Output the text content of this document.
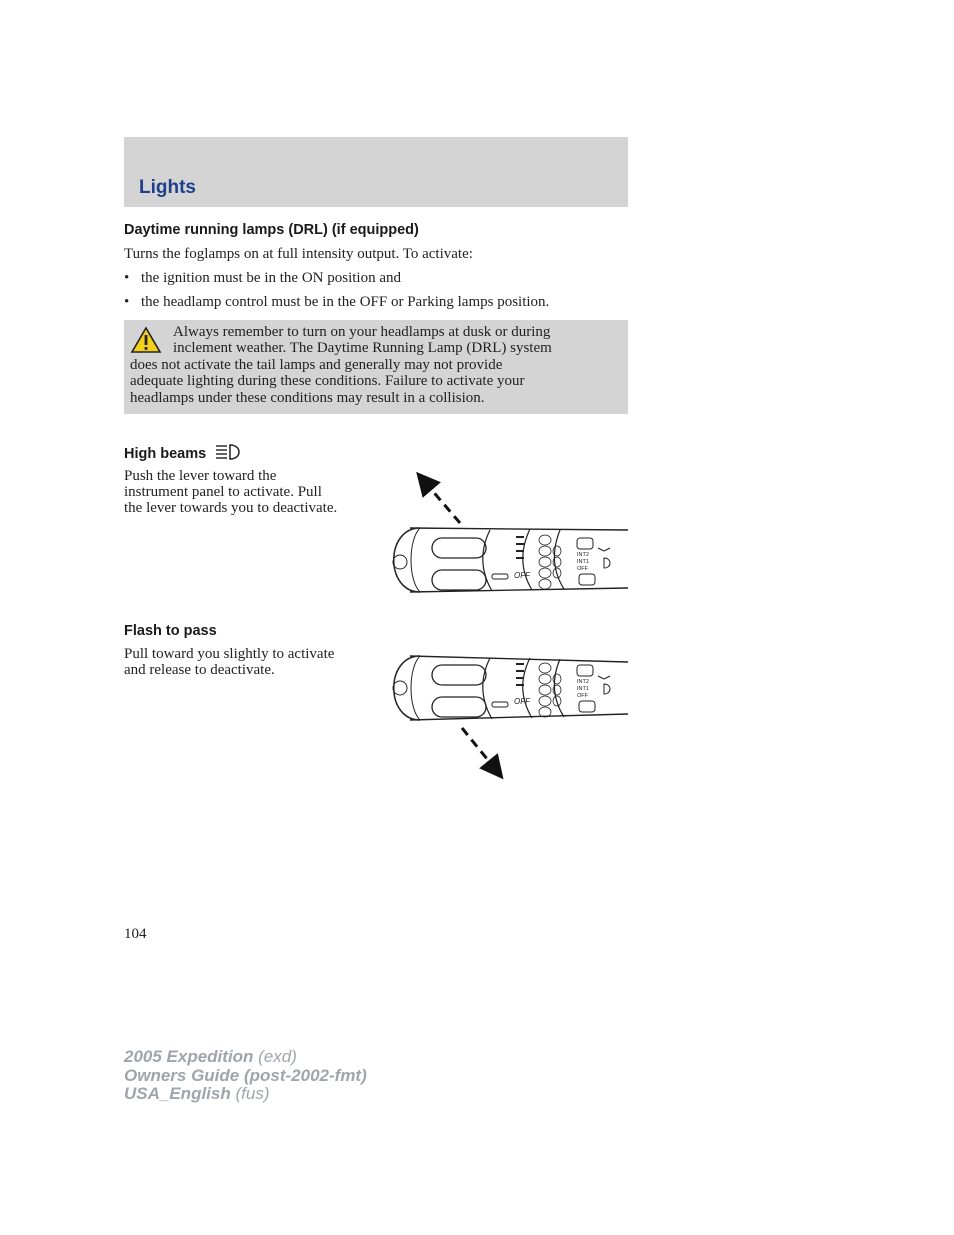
Lights
Daytime running lamps (DRL) (if equipped)
Turns the foglamps on at full intensity output. To activate:
• the ignition must be in the ON position and
• the headlamp control must be in the OFF or Parking lamps position.
Always remember to turn on your headlamps at dusk or during
inclement weather. The Daytime Running Lamp (DRL) system
does not activate the tail lamps and generally may not provide
adequate lighting during these conditions. Failure to activate your
headlamps under these conditions may result in a collision.
High beams
Push the lever toward the
instrument panel to activate. Pull
the lever towards you to deactivate.
OFF
INT2
INT1
OFF
Flash to pass
Pull toward you slightly to activate
and release to deactivate.
OFF
INT2
INT1
OFF
104
2005 Expedition (exd)
Owners Guide (post-2002-fmt)
USA_English (fus)
